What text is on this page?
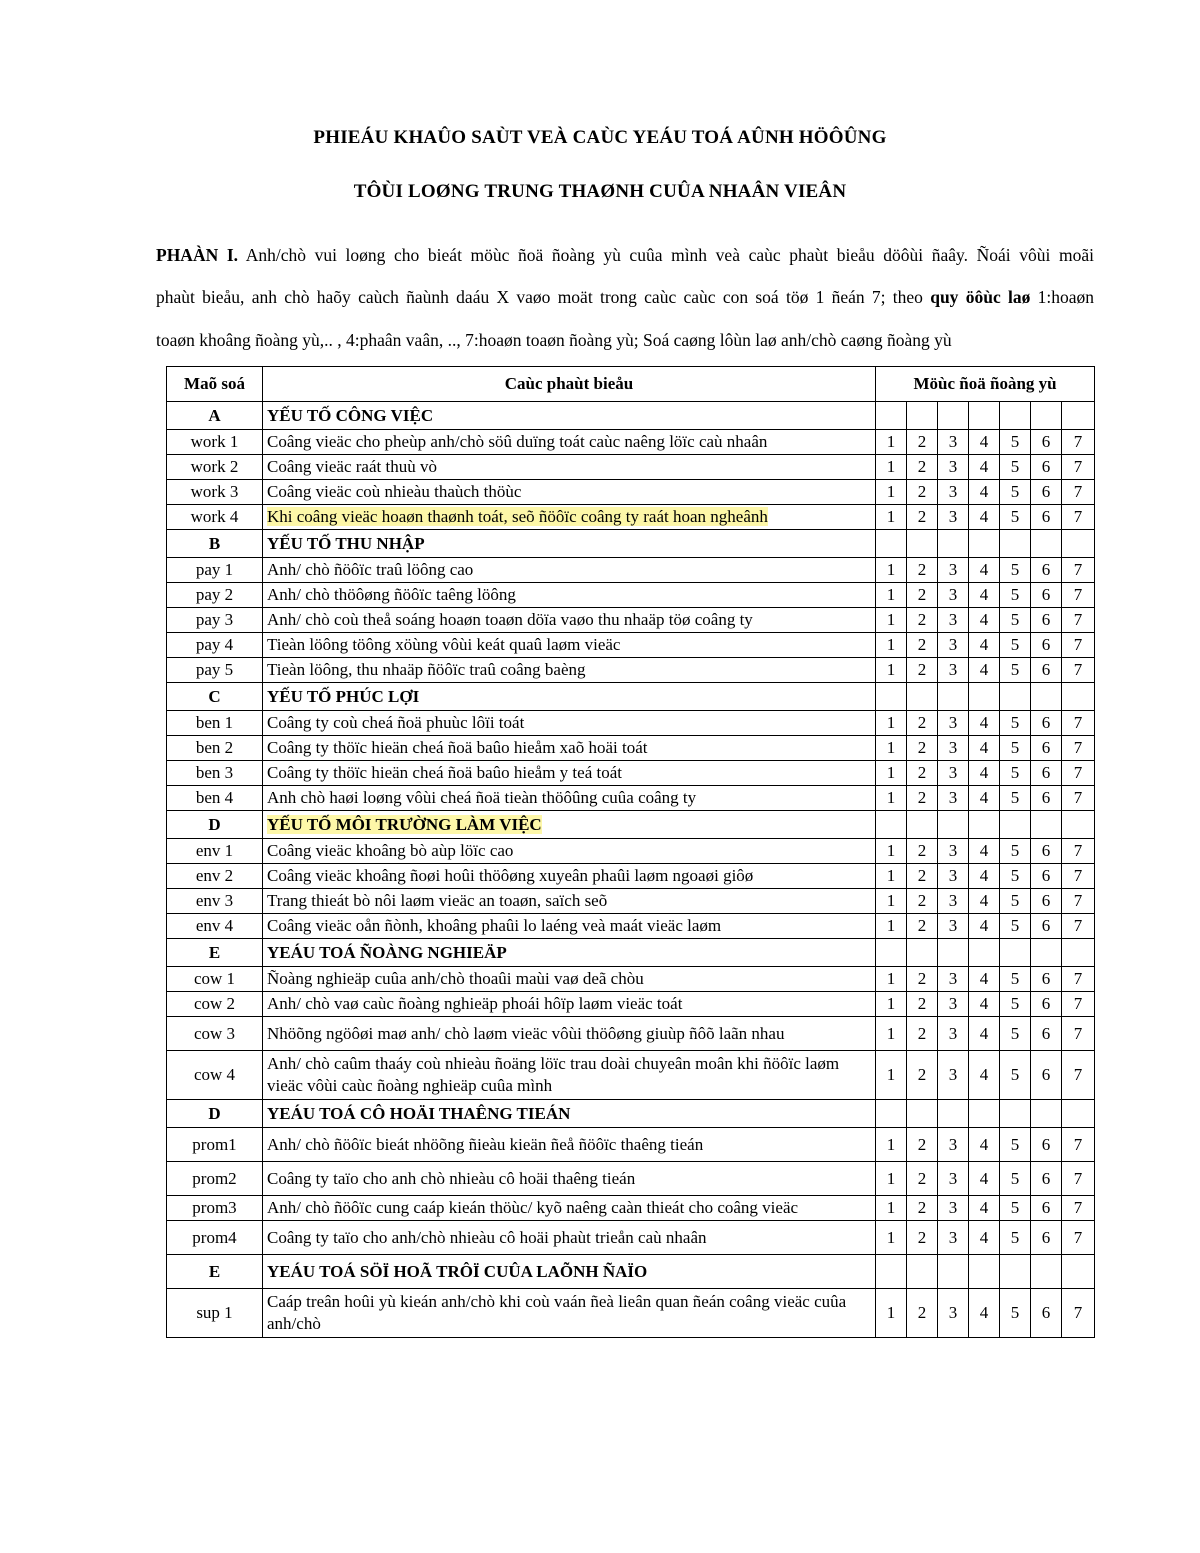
PHIEÁU KHAÛO SAÙT VEÀ CAÙC YEÁU TOÁ AÛNH HÖÔÛNG
TÔÙI LOØNG TRUNG THAØNH CUÛA NHAÂN VIEÂN
PHAÀN I. Anh/chò vui loøng cho bieát möùc ñoä ñoàng yù cuûa mình veà caùc phaùt bieåu döôùi ñaây. Ñoái vôùi moãi
phaùt bieåu, anh chò haõy caùch ñaùnh daáu X vaøo moät trong caùc caùc con soá töø 1 ñeán 7; theo quy öôùc laø 1:hoaøn
toaøn khoâng ñoàng yù,.. , 4:phaân vaân, .., 7:hoaøn toaøn ñoàng yù; Soá caøng lôùn laø anh/chò caøng ñoàng yù
Maõ soá	Caùc phaùt bieåu	Möùc ñoä ñoàng yù						
A	YẾU TỐ CÔNG VIỆC							
work 1	Coâng vieäc cho pheùp anh/chò söû duïng toát caùc naêng löïc caù nhaân	1	2	3	4	5	6	7
work 2	Coâng vieäc raát thuù vò	1	2	3	4	5	6	7
work 3	Coâng vieäc coù nhieàu thaùch thöùc	1	2	3	4	5	6	7
work 4	Khi coâng vieäc hoaøn thaønh toát, seõ ñöôïc coâng ty raát hoan ngheânh	1	2	3	4	5	6	7
B	YẾU TỐ THU NHẬP							
pay 1	Anh/ chò ñöôïc traû löông cao	1	2	3	4	5	6	7
pay 2	Anh/ chò thöôøng ñöôïc taêng löông	1	2	3	4	5	6	7
pay 3	Anh/ chò coù theå soáng hoaøn toaøn döïa vaøo thu nhaäp töø coâng ty	1	2	3	4	5	6	7
pay 4	Tieàn löông töông xöùng vôùi keát quaû laøm vieäc	1	2	3	4	5	6	7
pay 5	Tieàn löông, thu nhaäp ñöôïc traû coâng baèng	1	2	3	4	5	6	7
C	YẾU TỐ PHÚC LỢI							
ben 1	Coâng ty coù cheá ñoä phuùc lôïi toát	1	2	3	4	5	6	7
ben 2	Coâng ty thöïc hieän cheá ñoä baûo hieåm xaõ hoäi toát	1	2	3	4	5	6	7
ben 3	Coâng ty thöïc hieän cheá ñoä baûo hieåm y teá toát	1	2	3	4	5	6	7
ben 4	Anh chò haøi loøng vôùi cheá ñoä tieàn thöôûng cuûa coâng ty	1	2	3	4	5	6	7
D	YẾU TỐ MÔI TRƯỜNG LÀM VIỆC							
env 1	Coâng vieäc khoâng bò aùp löïc cao	1	2	3	4	5	6	7
env 2	Coâng vieäc khoâng ñoøi hoûi thöôøng xuyeân phaûi laøm ngoaøi giôø	1	2	3	4	5	6	7
env 3	Trang thieát bò nôi laøm vieäc an toaøn, saïch seõ	1	2	3	4	5	6	7
env 4	Coâng vieäc oån ñònh, khoâng phaûi lo laéng veà maát vieäc laøm	1	2	3	4	5	6	7
E	YEÁU TOÁ ÑOÀNG NGHIEÄP							
cow 1	Ñoàng nghieäp cuûa anh/chò thoaûi maùi vaø deã chòu	1	2	3	4	5	6	7
cow 2	Anh/ chò vaø caùc ñoàng nghieäp phoái hôïp laøm vieäc toát	1	2	3	4	5	6	7
cow 3	Nhöõng ngöôøi maø anh/ chò laøm vieäc vôùi thöôøng giuùp ñôõ laãn nhau	1	2	3	4	5	6	7
cow 4	Anh/ chò caûm thaáy coù nhieàu ñoäng löïc trau doài chuyeân moân khi ñöôïc laøm vieäc vôùi caùc ñoàng nghieäp cuûa mình	1	2	3	4	5	6	7
D	YEÁU TOÁ CÔ HOÄI THAÊNG TIEÁN							
prom1	Anh/ chò ñöôïc bieát nhöõng ñieàu kieän ñeå ñöôïc thaêng tieán	1	2	3	4	5	6	7
prom2	Coâng ty taïo cho anh chò nhieàu cô hoäi thaêng tieán	1	2	3	4	5	6	7
prom3	Anh/ chò ñöôïc cung caáp kieán thöùc/ kyõ naêng caàn thieát cho coâng vieäc	1	2	3	4	5	6	7
prom4	Coâng ty taïo cho anh/chò nhieàu cô hoäi phaùt trieån caù nhaân	1	2	3	4	5	6	7
E	YEÁU TOÁ SÖÏ HOÃ TRÔÏ CUÛA LAÕNH ÑAÏO							
sup 1	Caáp treân hoûi yù kieán anh/chò khi coù vaán ñeà lieân quan ñeán coâng vieäc cuûa anh/chò	1	2	3	4	5	6	7
